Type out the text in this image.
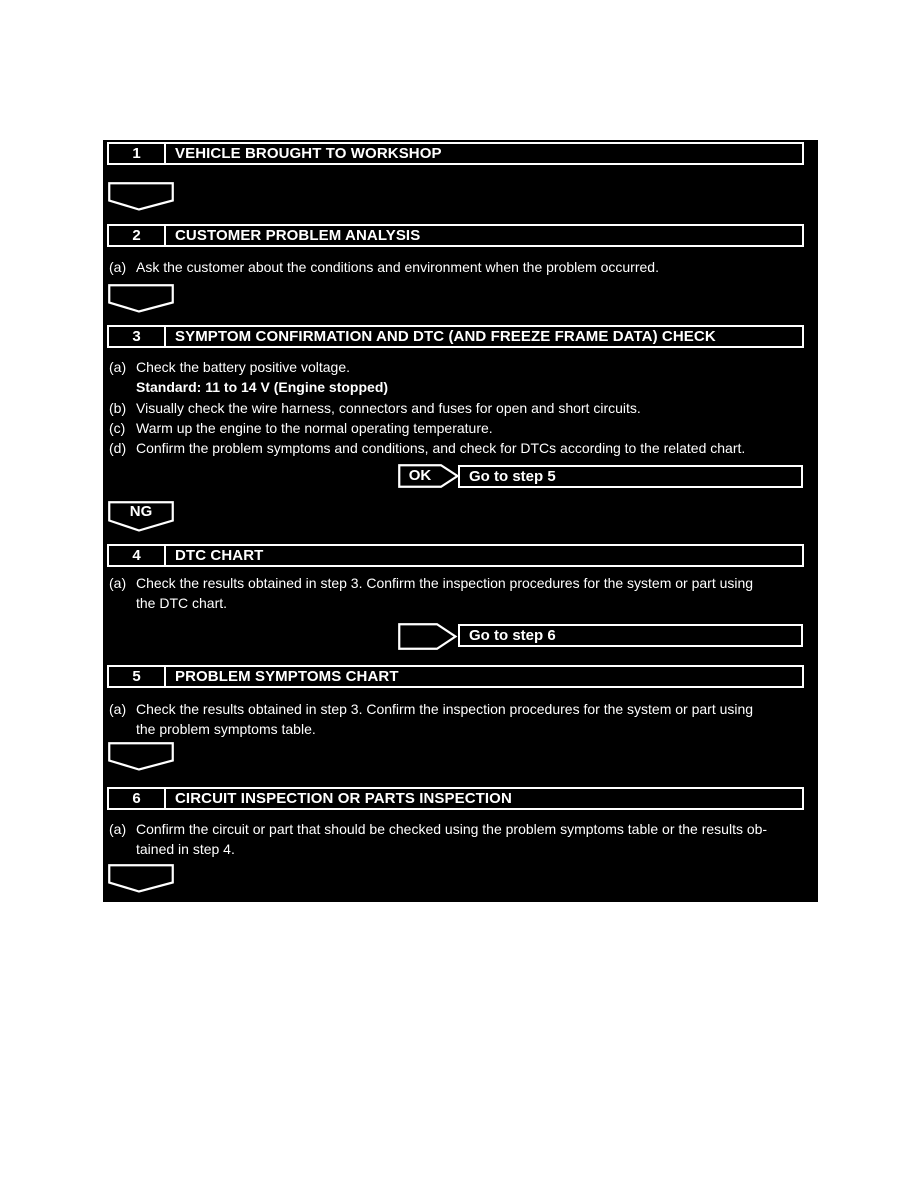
1	VEHICLE BROUGHT TO WORKSHOP
2	CUSTOMER PROBLEM ANALYSIS
(a) Ask the customer about the conditions and environment when the problem occurred.
3	SYMPTOM CONFIRMATION AND DTC (AND FREEZE FRAME DATA) CHECK
(a) Check the battery positive voltage.
Standard: 11 to 14 V (Engine stopped)
(b) Visually check the wire harness, connectors and fuses for open and short circuits.
(c) Warm up the engine to the normal operating temperature.
(d) Confirm the problem symptoms and conditions, and check for DTCs according to the related chart.
OK	Go to step 5
NG
4	DTC CHART
(a) Check the results obtained in step 3. Confirm the inspection procedures for the system or part using
the DTC chart.
Go to step 6
5	PROBLEM SYMPTOMS CHART
(a) Check the results obtained in step 3. Confirm the inspection procedures for the system or part using
the problem symptoms table.
6	CIRCUIT INSPECTION OR PARTS INSPECTION
(a) Confirm the circuit or part that should be checked using the problem symptoms table or the results ob-
tained in step 4.
